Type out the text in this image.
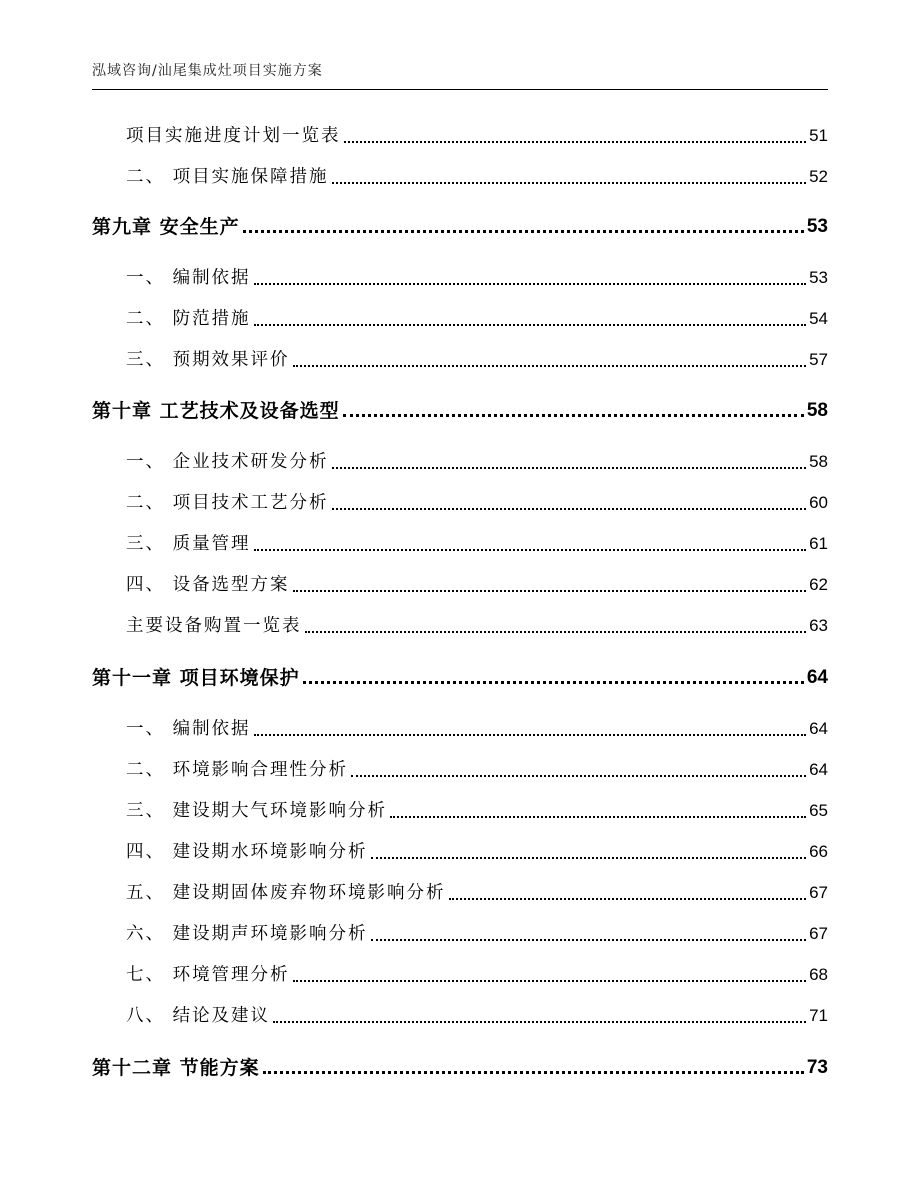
泓域咨询/汕尾集成灶项目实施方案
项目实施进度计划一览表	51
二、 项目实施保障措施	52
第九章 安全生产	53
一、 编制依据	53
二、 防范措施	54
三、 预期效果评价	57
第十章 工艺技术及设备选型	58
一、 企业技术研发分析	58
二、 项目技术工艺分析	60
三、 质量管理	61
四、 设备选型方案	62
主要设备购置一览表	63
第十一章 项目环境保护	64
一、 编制依据	64
二、 环境影响合理性分析	64
三、 建设期大气环境影响分析	65
四、 建设期水环境影响分析	66
五、 建设期固体废弃物环境影响分析	67
六、 建设期声环境影响分析	67
七、 环境管理分析	68
八、 结论及建议	71
第十二章 节能方案	73
